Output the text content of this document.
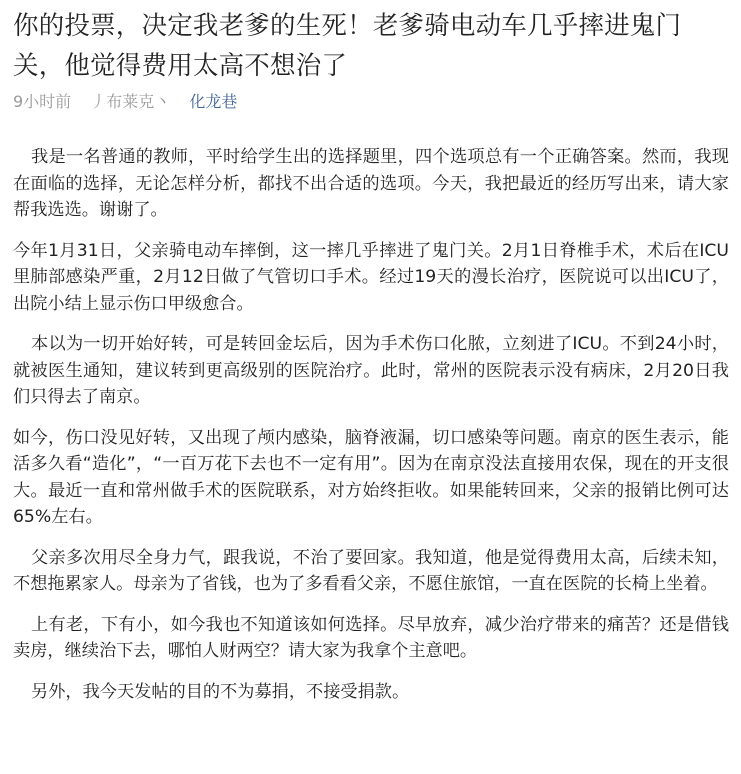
你的投票，决定我老爹的生死！老爹骑电动车几乎摔进鬼门关，他觉得费用太高不想治了
9小时前 丿布莱克丶 化龙巷

我是一名普通的教师，平时给学生出的选择题里，四个选项总有一个正确答案。然而，我现在面临的选择，无论怎样分析，都找不出合适的选项。今天，我把最近的经历写出来，请大家帮我选选。谢谢了。

今年1月31日，父亲骑电动车摔倒，这一摔几乎摔进了鬼门关。2月1日脊椎手术，术后在ICU里肺部感染严重，2月12日做了气管切口手术。经过19天的漫长治疗，医院说可以出ICU了，出院小结上显示伤口甲级愈合。

本以为一切开始好转，可是转回金坛后，因为手术伤口化脓，立刻进了ICU。不到24小时，就被医生通知，建议转到更高级别的医院治疗。此时，常州的医院表示没有病床，2月20日我们只得去了南京。

如今，伤口没见好转，又出现了颅内感染，脑脊液漏，切口感染等问题。南京的医生表示，能活多久看“造化”，“一百万花下去也不一定有用”。因为在南京没法直接用农保，现在的开支很大。最近一直和常州做手术的医院联系，对方始终拒收。如果能转回来，父亲的报销比例可达65%左右。

父亲多次用尽全身力气，跟我说，不治了要回家。我知道，他是觉得费用太高，后续未知，不想拖累家人。母亲为了省钱，也为了多看看父亲，不愿住旅馆，一直在医院的长椅上坐着。

上有老，下有小，如今我也不知道该如何选择。尽早放弃，减少治疗带来的痛苦？还是借钱卖房，继续治下去，哪怕人财两空？请大家为我拿个主意吧。

另外，我今天发帖的目的不为募捐，不接受捐款。
